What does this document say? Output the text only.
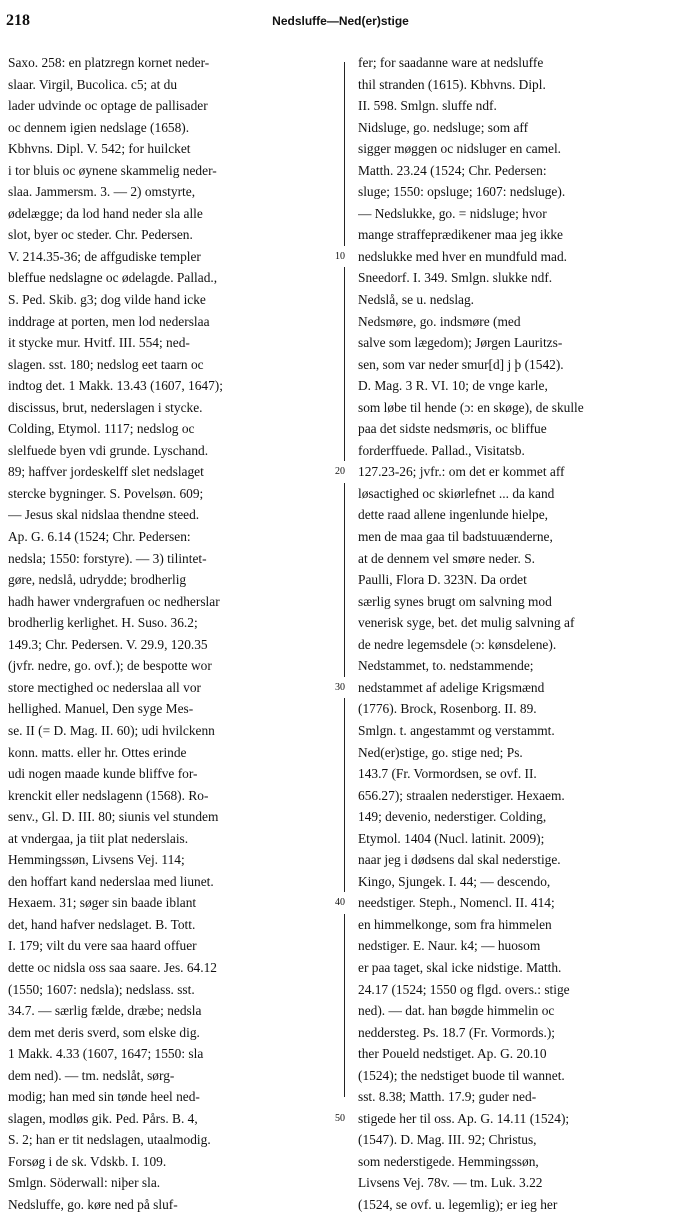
218	Nedsluffe—Ned(er)stige
Saxo. 258: en platzregn kornet neder-
slaar. Virgil, Bucolica. c5; at du
lader udvinde oc optage de pallisader
oc dennem igien nedslage (1658).
Kbhvns. Dipl. V. 542; for huilcket
i tor bluis oc øynene skammelig neder-
slaa. Jammersm. 3. — 2) omstyrte,
ødelægge; da lod hand neder sla alle
slot, byer oc steder. Chr. Pedersen.
V. 214.35-36; de affgudiske templer
bleffue nedslagne oc ødelagde. Pallad.,
S. Ped. Skib. g3; dog vilde hand icke
inddrage at porten, men lod nederslaa
it stycke mur. Hvitf. III. 554; ned-
slagen. sst. 180; nedslog eet taarn oc
indtog det. 1 Makk. 13.43 (1607, 1647);
discissus, brut, nederslagen i stycke.
Colding, Etymol. 1117; nedslog oc
slelfuede byen vdi grunde. Lyschand.
89; haffver jordeskelff slet nedslaget
stercke bygninger. S. Povelsøn. 609;
— Jesus skal nidslaa thendne steed.
Ap. G. 6.14 (1524; Chr. Pedersen:
nedsla; 1550: forstyre). — 3) tilintet-
gøre, nedslå, udrydde; brodherlig
hadh hawer vndergrafuen oc nedherslar
brodherlig kerlighet. H. Suso. 36.2;
149.3; Chr. Pedersen. V. 29.9, 120.35
(jvfr. nedre, go. ovf.); de bespotte wor
store mectighed oc nederslaa all vor
hellighed. Manuel, Den syge Mes-
se. II (= D. Mag. II. 60); udi hvilckenn
konn. matts. eller hr. Ottes erinde
udi nogen maade kunde bliffve for-
krenckit eller nedslagenn (1568). Ro-
senv., Gl. D. III. 80; siunis vel stundem
at vndergaa, ja tiit plat nederslais.
Hemmingssøn, Livsens Vej. 114;
den hoffart kand nederslaa med liunet.
Hexaem. 31; søger sin baade iblant
det, hand hafver nedslaget. B. Tott.
I. 179; vilt du vere saa haard offuer
dette oc nidsla oss saa saare. Jes. 64.12
(1550; 1607: nedsla); nedslass. sst.
34.7. — særlig fælde, dræbe; nedsla
dem met deris sverd, som elske dig.
1 Makk. 4.33 (1607, 1647; 1550: sla
dem ned). — tm. nedslåt, sørg-
modig; han med sin tønde heel ned-
slagen, modløs gik. Ped. Pårs. B. 4,
S. 2; han er tit nedslagen, utaalmodig.
Forsøg i de sk. Vdskb. I. 109.
Smlgn. Söderwall: niþer sla.
Nedsluffe, go. køre ned på sluf-
10
20
30
40
50
fer; for saadanne ware at nedsluffe
thil stranden (1615). Kbhvns. Dipl.
II. 598. Smlgn. sluffe ndf.
Nidsluge, go. nedsluge; som aff
sigger møggen oc nidsluger en camel.
Matth. 23.24 (1524; Chr. Pedersen:
sluge; 1550: opsluge; 1607: nedsluge).
— Nedslukke, go. = nidsluge; hvor
mange straffeprædikener maa jeg ikke
nedslukke med hver en mundfuld mad.
Sneedorf. I. 349. Smlgn. slukke ndf.
Nedslå, se u. nedslag.
Nedsmøre, go. indsmøre (med
salve som lægedom); Jørgen Lauritzs-
sen, som var neder smur[d] j þ (1542).
D. Mag. 3 R. VI. 10; de vnge karle,
som løbe til hende (ɔ: en skøge), de skulle
paa det sidste nedsmøris, oc bliffue
forderffuede. Pallad., Visitatsb.
127.23-26; jvfr.: om det er kommet aff
løsactighed oc skiørlefnet ... da kand
dette raad allene ingenlunde hielpe,
men de maa gaa til badstuuænderne,
at de dennem vel smøre neder. S.
Paulli, Flora D. 323N. Da ordet
særlig synes brugt om salvning mod
venerisk syge, bet. det mulig salvning af
de nedre legemsdele (ɔ: kønsdelene).
Nedstammet, to. nedstammende;
nedstammet af adelige Krigsmænd
(1776). Brock, Rosenborg. II. 89.
Smlgn. t. angestammt og verstammt.
Ned(er)stige, go. stige ned; Ps.
143.7 (Fr. Vormordsen, se ovf. II.
656.27); straalen nederstiger. Hexaem.
149; devenio, nederstiger. Colding,
Etymol. 1404 (Nucl. latinit. 2009);
naar jeg i dødsens dal skal nederstige.
Kingo, Sjungek. I. 44; — descendo,
needstiger. Steph., Nomencl. II. 414;
en himmelkonge, som fra himmelen
nedstiger. E. Naur. k4; — huosom
er paa taget, skal icke nidstige. Matth.
24.17 (1524; 1550 og flgd. overs.: stige
ned). — dat. han bøgde himmelin oc
neddersteg. Ps. 18.7 (Fr. Vormords.);
ther Poueld nedstiget. Ap. G. 20.10
(1524); the nedstiget buode til wannet.
sst. 8.38; Matth. 17.9; guder ned-
stigede her til oss. Ap. G. 14.11 (1524);
(1547). D. Mag. III. 92; Christus,
som nederstigede. Hemmingssøn,
Livsens Vej. 78v. — tm. Luk. 3.22
(1524, se ovf. u. legemlig); er ieg her
